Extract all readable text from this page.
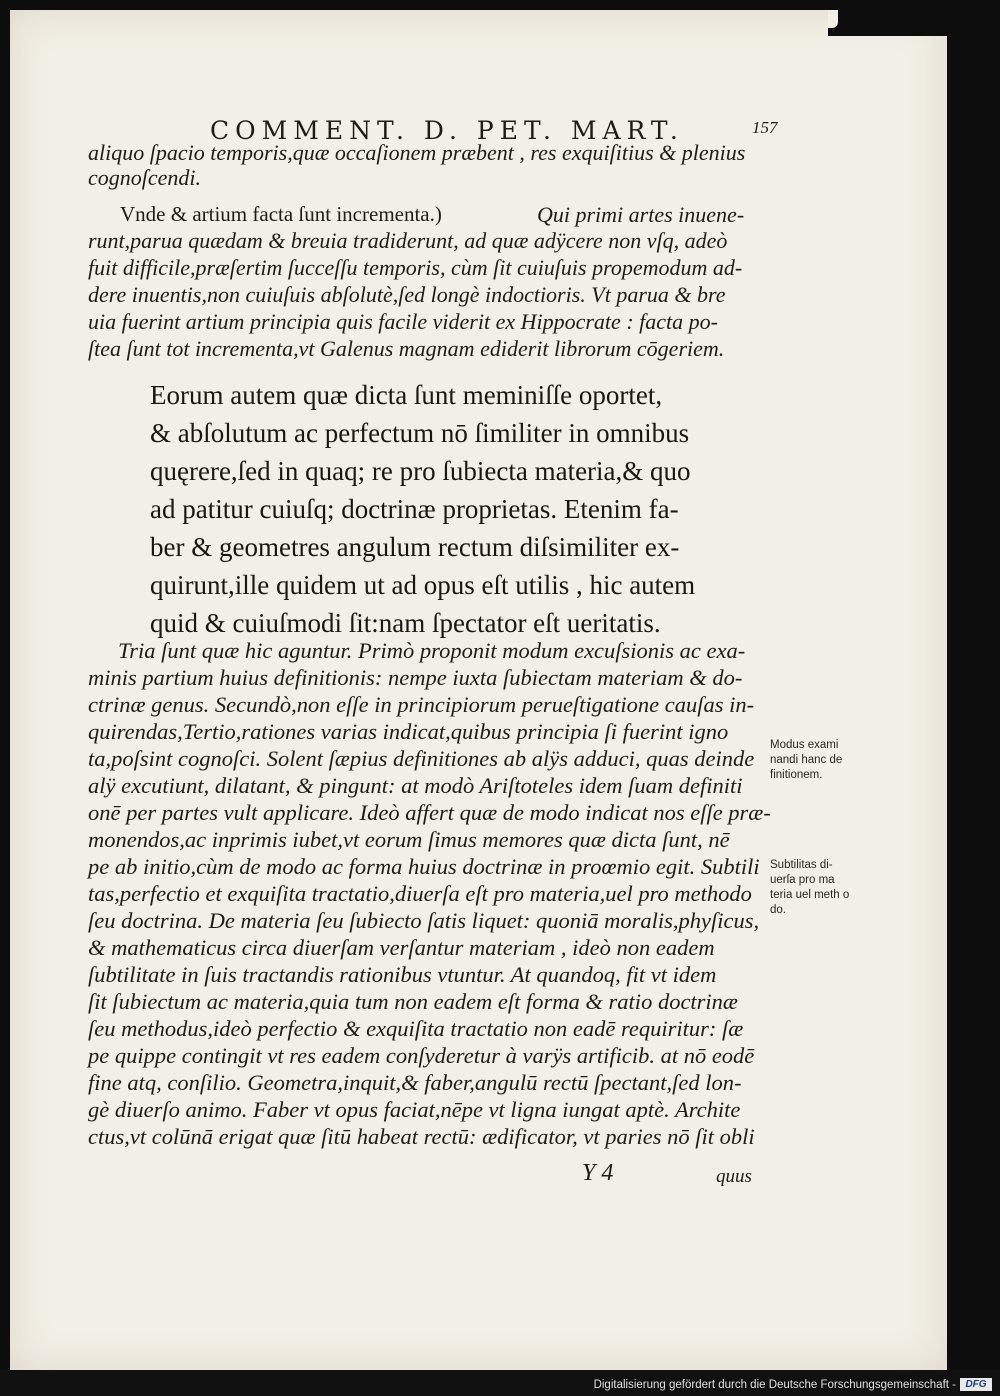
COMMENT. D. PET. MART.	157
aliquo ſpacio temporis,quæ occaſionem præbent , res exquiſitius & plenius
cognoſcendi.
Vnde & artium facta ſunt incrementa.)	Qui primi artes inuene-
runt,parua quædam & breuia tradiderunt, ad quæ adÿcere non vſq, adeò
fuit difficile,præſertim ſucceſſu temporis, cùm ſit cuiuſuis propemodum ad-
dere inuentis,non cuiuſuis abſolutè,ſed longè indoctioris. Vt parua & bre
uia fuerint artium principia quis facile viderit ex Hippocrate : facta po-
ſtea ſunt tot incrementa,vt Galenus magnam ediderit librorum cōgeriem.
Eorum autem quæ dicta ſunt meminiſſe oportet,
& abſolutum ac perfectum nō ſimiliter in omnibus
quęrere,ſed in quaq; re pro ſubiecta materia,& quo
ad patitur cuiuſq; doctrinæ proprietas. Etenim fa-
ber & geometres angulum rectum diſsimiliter ex-
quirunt,ille quidem ut ad opus eſt utilis , hic autem
quid & cuiuſmodi ſit:nam ſpectator eſt ueritatis.
Tria ſunt quæ hic aguntur. Primò proponit modum excuſsionis ac exa-
minis partium huius definitionis: nempe iuxta ſubiectam materiam & do-
ctrinæ genus. Secundò,non eſſe in principiorum perueſtigatione cauſas in-
quirendas,Tertio,rationes varias indicat,quibus principia ſi fuerint igno
ta,poſsint cognoſci. Solent ſæpius definitiones ab alÿs adduci, quas deinde
alÿ excutiunt, dilatant, & pingunt: at modò Ariſtoteles idem ſuam definiti
onē per partes vult applicare. Ideò affert quæ de modo indicat nos eſſe præ-
monendos,ac inprimis iubet,vt eorum ſimus memores quæ dicta ſunt, nē
pe ab initio,cùm de modo ac forma huius doctrinæ in proœmio egit. Subtili
tas,perfectio et exquiſita tractatio,diuerſa eſt pro materia,uel pro methodo
ſeu doctrina. De materia ſeu ſubiecto ſatis liquet: quoniā moralis,phyſicus,
& mathematicus circa diuerſam verſantur materiam , ideò non eadem
ſubtilitate in ſuis tractandis rationibus vtuntur. At quandoq, fit vt idem
ſit ſubiectum ac materia,quia tum non eadem eſt forma & ratio doctrinæ
ſeu methodus,ideò perfectio & exquiſita tractatio non eadē requiritur: ſæ
pe quippe contingit vt res eadem conſyderetur à varÿs artificib. at nō eodē
fine atq, conſilio. Geometra,inquit,& faber,angulū rectū ſpectant,ſed lon-
gè diuerſo animo. Faber vt opus faciat,nēpe vt ligna iungat aptè. Archite
ctus,vt colūnā erigat quæ ſitū habeat rectū: ædificator, vt paries nō ſit obli
Modus exami
nandi hanc de
finitionem.
Subtilitas di-
uerſa pro ma
teria uel meth o
do.
Y 4	quus
Digitalisierung gefördert durch die Deutsche Forschungsgemeinschaft - DFG
